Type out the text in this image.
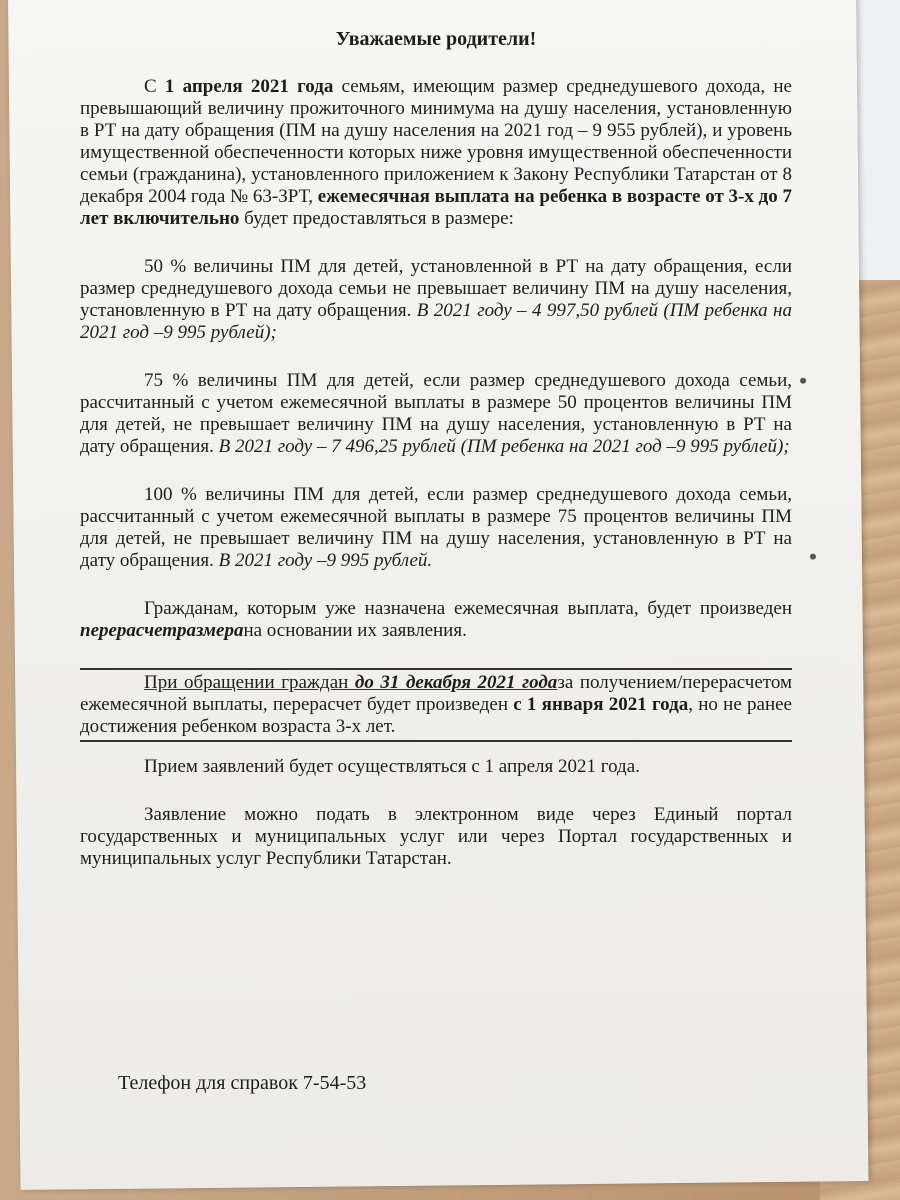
Уважаемые родители!

С 1 апреля 2021 года семьям, имеющим размер среднедушевого дохода, не превышающий величину прожиточного минимума на душу населения, установленную в РТ на дату обращения (ПМ на душу населения на 2021 год – 9 955 рублей), и уровень имущественной обеспеченности которых ниже уровня имущественной обеспеченности семьи (гражданина), установленного приложением к Закону Республики Татарстан от 8 декабря 2004 года № 63-ЗРТ, ежемесячная выплата на ребенка в возрасте от 3-х до 7 лет включительно будет предоставляться в размере:

50 % величины ПМ для детей, установленной в РТ на дату обращения, если размер среднедушевого дохода семьи не превышает величину ПМ на душу населения, установленную в РТ на дату обращения. В 2021 году – 4 997,50 рублей (ПМ ребенка на 2021 год –9 995 рублей);

75 % величины ПМ для детей, если размер среднедушевого дохода семьи, рассчитанный с учетом ежемесячной выплаты в размере 50 процентов величины ПМ для детей, не превышает величину ПМ на душу населения, установленную в РТ на дату обращения. В 2021 году – 7 496,25 рублей (ПМ ребенка на 2021 год –9 995 рублей);

100 % величины ПМ для детей, если размер среднедушевого дохода семьи, рассчитанный с учетом ежемесячной выплаты в размере 75 процентов величины ПМ для детей, не превышает величину ПМ на душу населения, установленную в РТ на дату обращения. В 2021 году –9 995 рублей.

Гражданам, которым уже назначена ежемесячная выплата, будет произведен перерасчетразмерана основании их заявления.

При обращении граждан до 31 декабря 2021 годаза получением/перерасчетом ежемесячной выплаты, перерасчет будет произведен с 1 января 2021 года, но не ранее достижения ребенком возраста 3-х лет.

Прием заявлений будет осуществляться с 1 апреля 2021 года.

Заявление можно подать в электронном виде через Единый портал государственных и муниципальных услуг или через Портал государственных и муниципальных услуг Республики Татарстан.

Телефон для справок 7-54-53
